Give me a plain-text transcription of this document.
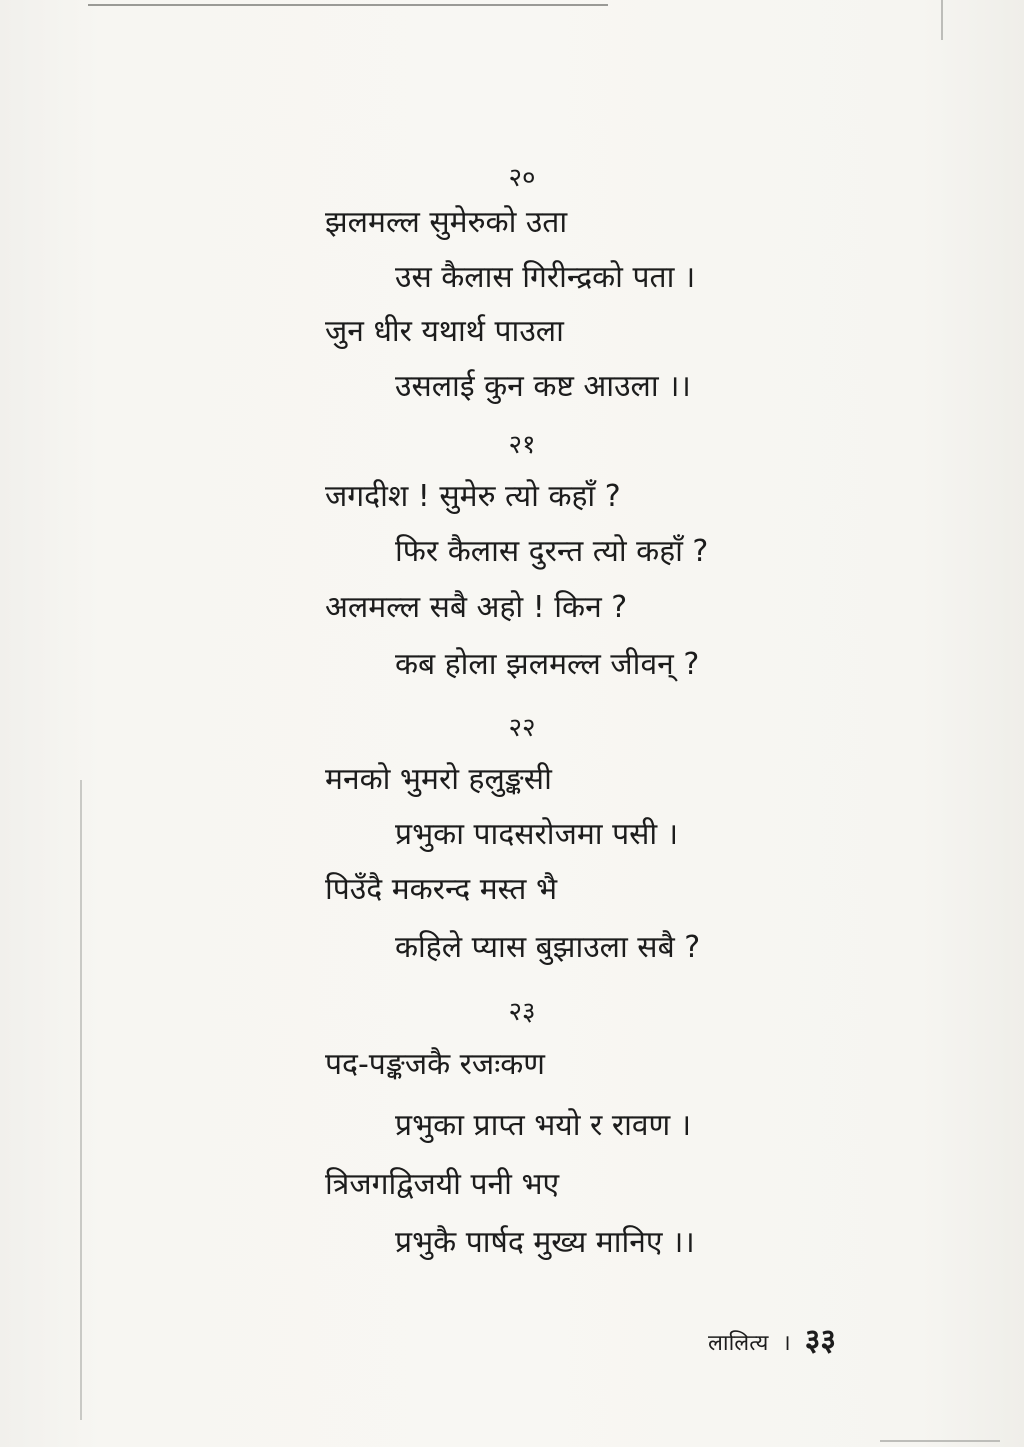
२०
झलमल्ल सुमेरुको उता
उस कैलास गिरीन्द्रको पता ।
जुन धीर यथार्थ पाउला
उसलाई कुन कष्ट आउला ।।
२१
जगदीश ! सुमेरु त्यो कहाँ ?
फिर कैलास दुरन्त त्यो कहाँ ?
अलमल्ल सबै अहो ! किन ?
कब होला झलमल्ल जीवन् ?
२२
मनको भुमरो हलुङ्कसी
प्रभुका पादसरोजमा पसी ।
पिउँदै मकरन्द मस्त भै
कहिले प्यास बुझाउला सबै ?
२३
पद-पङ्कजकै रजःकण
प्रभुका प्राप्त भयो र रावण ।
त्रिजगद्विजयी पनी भए
प्रभुकै पार्षद मुख्य मानिए ।।
लालित्य । ३३
